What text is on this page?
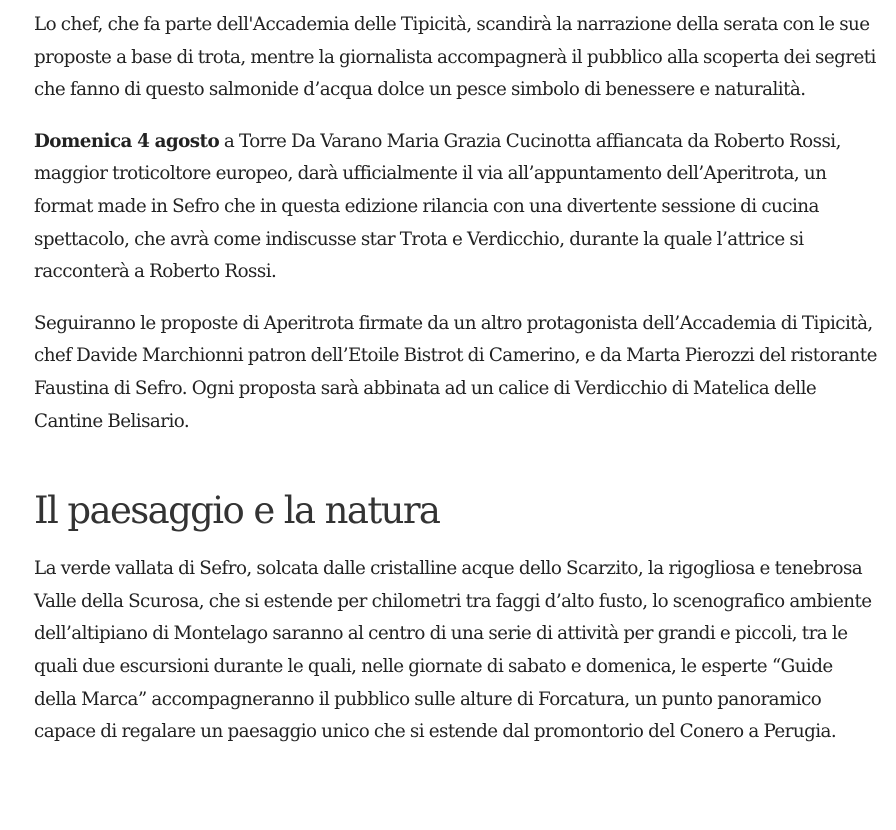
Lo chef, che fa parte dell'Accademia delle Tipicità, scandirà la narrazione della serata con le sue proposte a base di trota, mentre la giornalista accompagnerà il pubblico alla scoperta dei segreti che fanno di questo salmonide d’acqua dolce un pesce simbolo di benessere e naturalità.

Domenica 4 agosto a Torre Da Varano Maria Grazia Cucinotta affiancata da Roberto Rossi, maggior troticoltore europeo, darà ufficialmente il via all’appuntamento dell’Aperitrota, un format made in Sefro che in questa edizione rilancia con una divertente sessione di cucina spettacolo, che avrà come indiscusse star Trota e Verdicchio, durante la quale l’attrice si racconterà a Roberto Rossi.

Seguiranno le proposte di Aperitrota firmate da un altro protagonista dell’Accademia di Tipicità, chef Davide Marchionni patron dell’Etoile Bistrot di Camerino, e da Marta Pierozzi del ristorante Faustina di Sefro. Ogni proposta sarà abbinata ad un calice di Verdicchio di Matelica delle Cantine Belisario.

Il paesaggio e la natura

La verde vallata di Sefro, solcata dalle cristalline acque dello Scarzito, la rigogliosa e tenebrosa Valle della Scurosa, che si estende per chilometri tra faggi d’alto fusto, lo scenografico ambiente dell’altipiano di Montelago saranno al centro di una serie di attività per grandi e piccoli, tra le quali due escursioni durante le quali, nelle giornate di sabato e domenica, le esperte “Guide della Marca” accompagneranno il pubblico sulle alture di Forcatura, un punto panoramico capace di regalare un paesaggio unico che si estende dal promontorio del Conero a Perugia.
